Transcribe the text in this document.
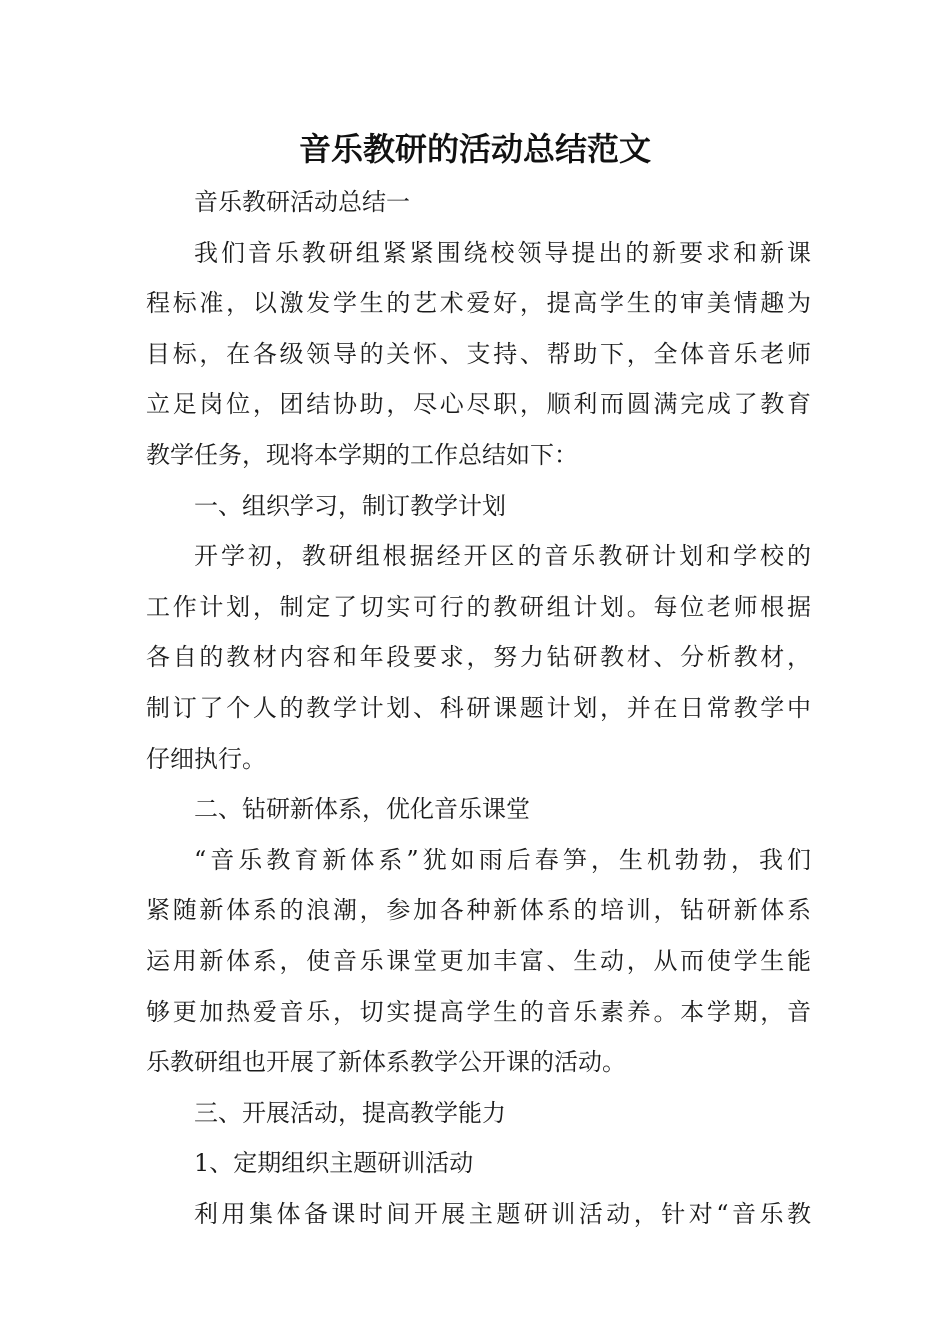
音乐教研的活动总结范文
音乐教研活动总结一
我们音乐教研组紧紧围绕校领导提出的新要求和新课
程标准，以激发学生的艺术爱好，提高学生的审美情趣为
目标，在各级领导的关怀、支持、帮助下，全体音乐老师
立足岗位，团结协助，尽心尽职，顺利而圆满完成了教育
教学任务，现将本学期的工作总结如下：
一、组织学习，制订教学计划
开学初，教研组根据经开区的音乐教研计划和学校的
工作计划，制定了切实可行的教研组计划。每位老师根据
各自的教材内容和年段要求，努力钻研教材、分析教材，
制订了个人的教学计划、科研课题计划，并在日常教学中
仔细执行。
二、钻研新体系，优化音乐课堂
“音乐教育新体系”犹如雨后春笋，生机勃勃，我们
紧随新体系的浪潮，参加各种新体系的培训，钻研新体系
运用新体系，使音乐课堂更加丰富、生动，从而使学生能
够更加热爱音乐，切实提高学生的音乐素养。本学期，音
乐教研组也开展了新体系教学公开课的活动。
三、开展活动，提高教学能力
1、定期组织主题研训活动
利用集体备课时间开展主题研训活动，针对“音乐教
